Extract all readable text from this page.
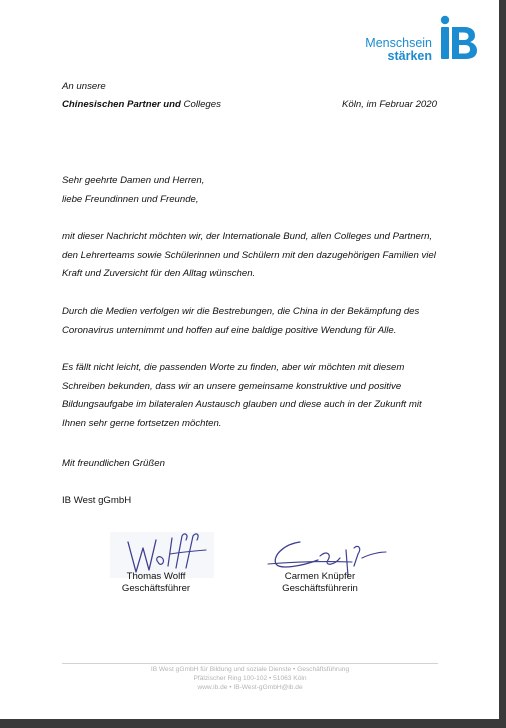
Menschsein
stärken

An unsere

Chinesischen Partner und Colleges	Köln, im Februar 2020

Sehr geehrte Damen und Herren,
liebe Freundinnen und Freunde,
mit dieser Nachricht möchten wir, der Internationale Bund, allen Colleges und Partnern,
den Lehrerteams sowie Schülerinnen und Schülern mit den dazugehörigen Familien viel
Kraft und Zuversicht für den Alltag wünschen.
Durch die Medien verfolgen wir die Bestrebungen, die China in der Bekämpfung des
Coronavirus unternimmt und hoffen auf eine baldige positive Wendung für Alle.
Es fällt nicht leicht, die passenden Worte zu finden, aber wir möchten mit diesem
Schreiben bekunden, dass wir an unsere gemeinsame konstruktive und positive
Bildungsaufgabe im bilateralen Austausch glauben und diese auch in der Zukunft mit
Ihnen sehr gerne fortsetzen möchten.

Mit freundlichen Grüßen

IB West gGmbH

Thomas Wolff
Geschäftsführer
Carmen Knüpfer
Geschäftsführerin
IB West gGmbH für Bildung und soziale Dienste • Geschäftsführung
Pfälzischer Ring 100-102 • 51063 Köln
www.ib.de • IB-West-gGmbH@ib.de
